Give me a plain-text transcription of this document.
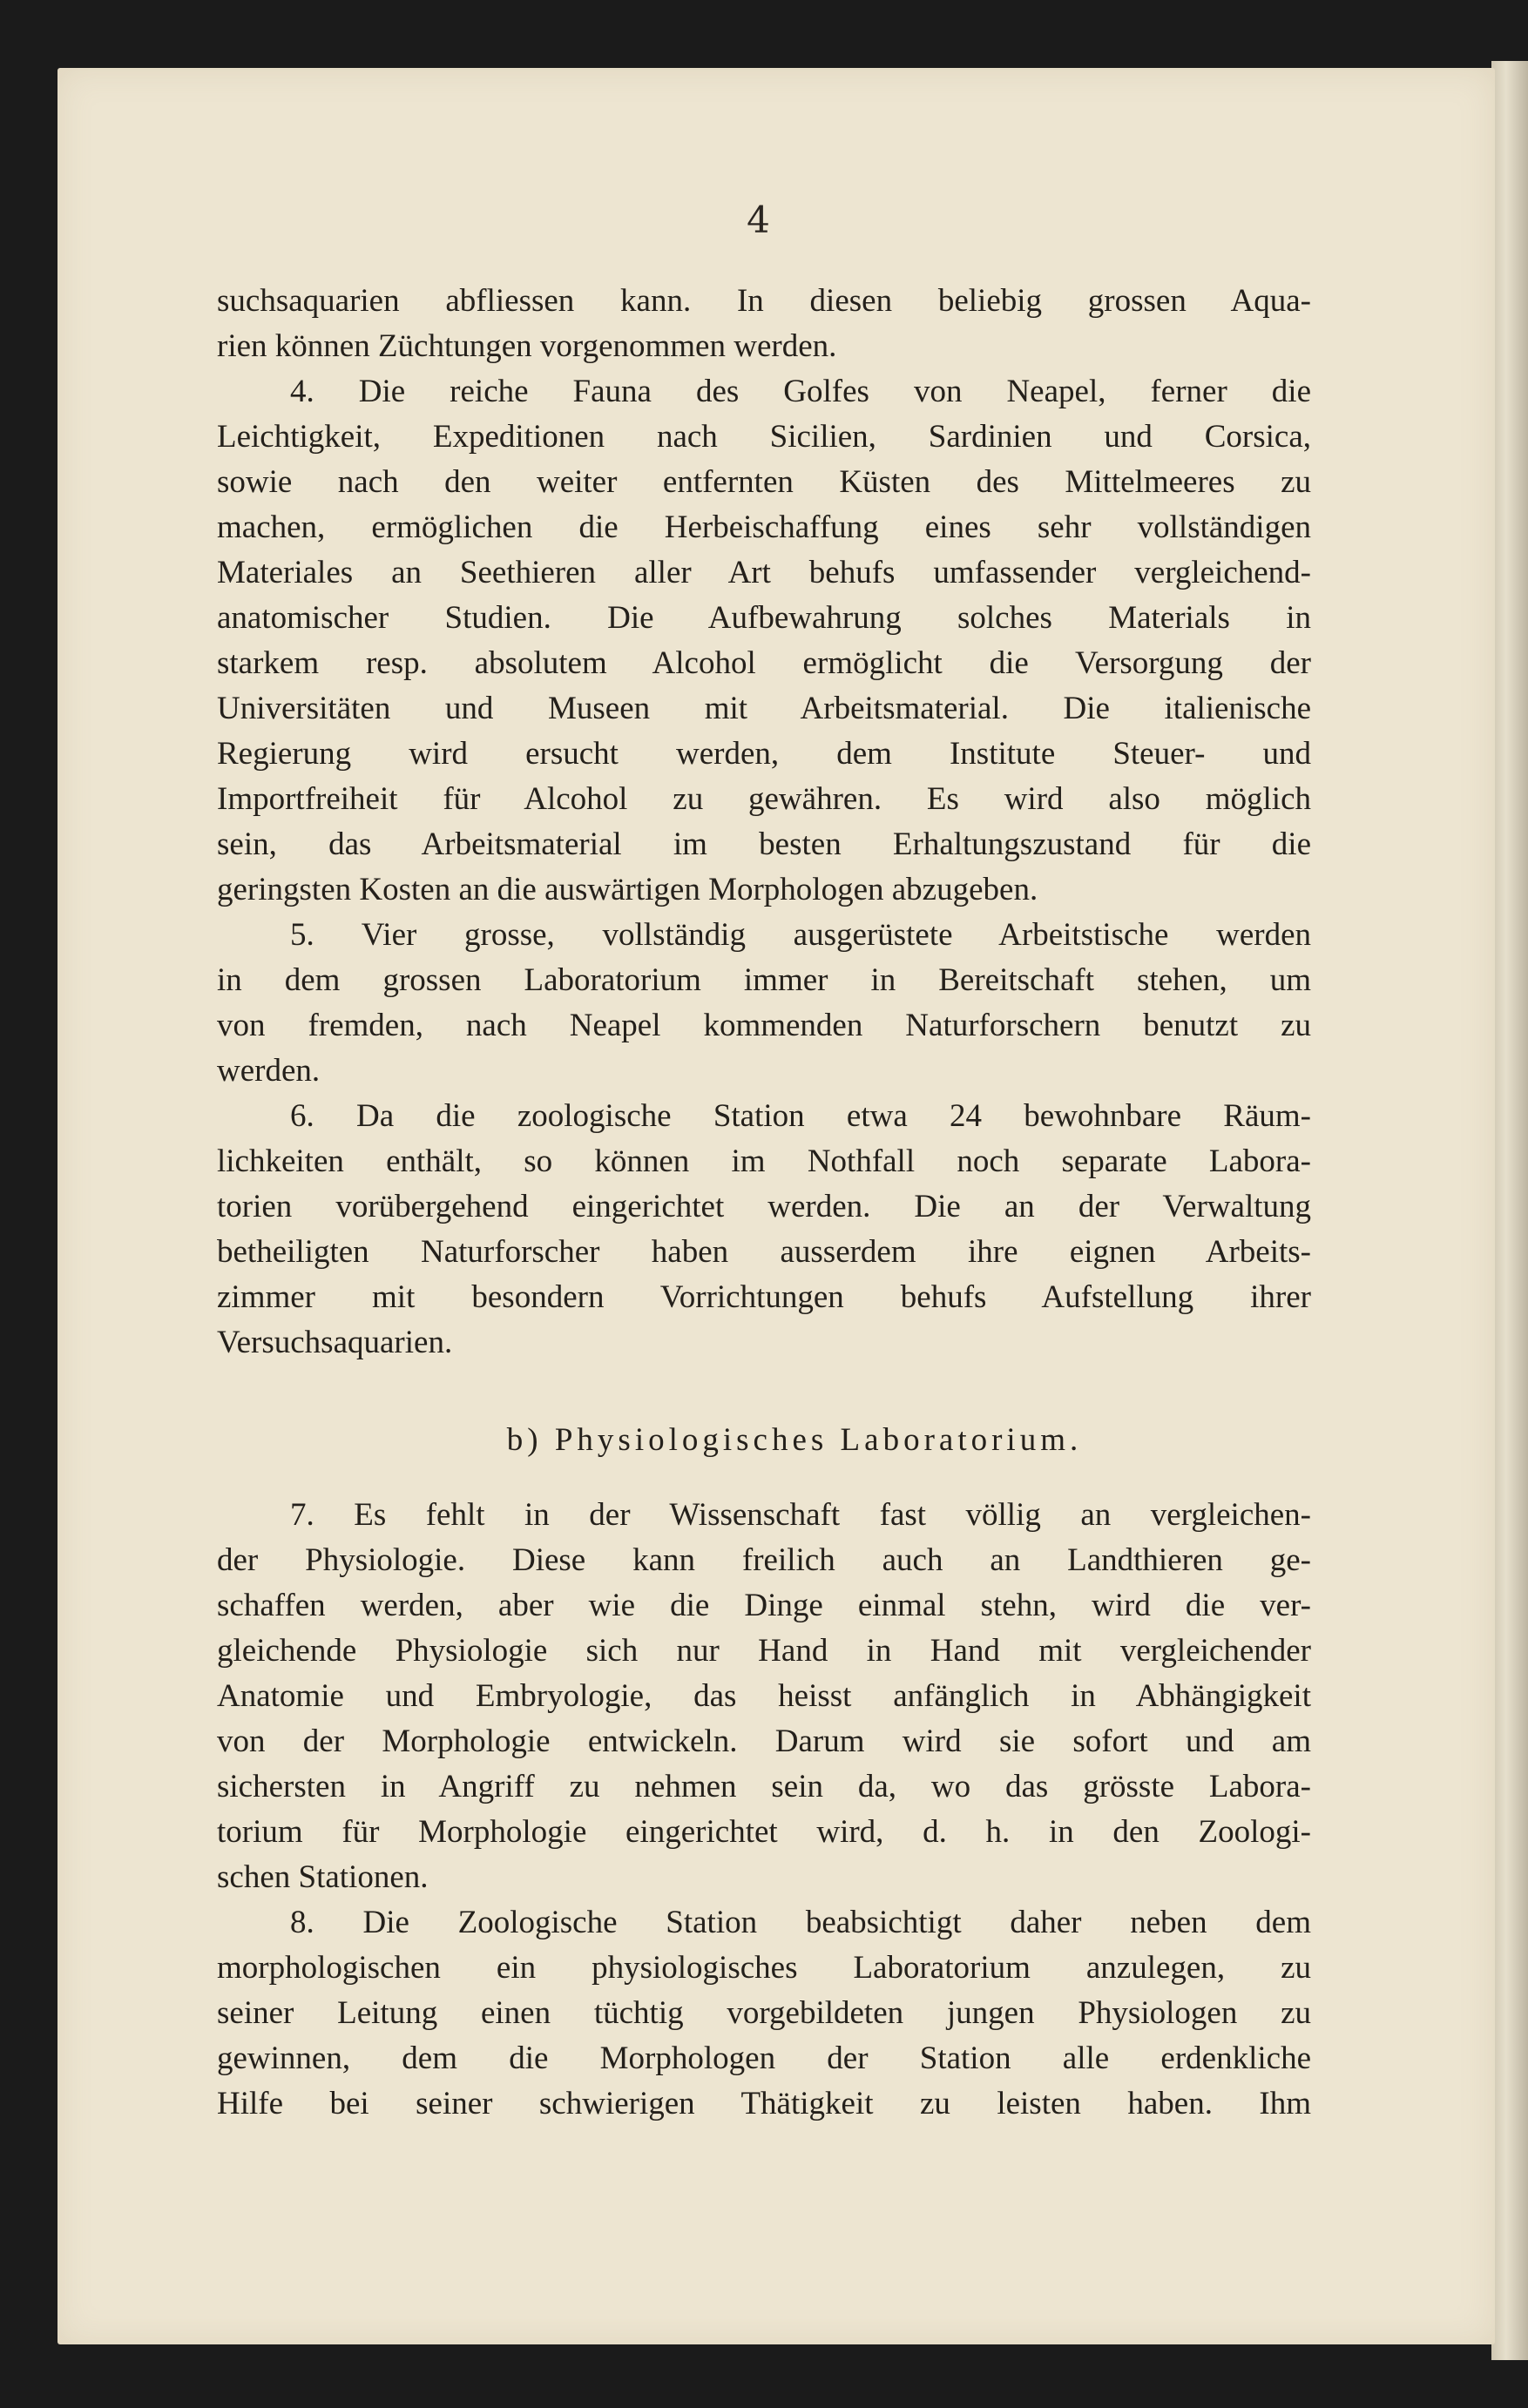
4
suchsaquarien abfliessen kann. In diesen beliebig grossen Aqua-
rien können Züchtungen vorgenommen werden.
4. Die reiche Fauna des Golfes von Neapel, ferner die
Leichtigkeit, Expeditionen nach Sicilien, Sardinien und Corsica,
sowie nach den weiter entfernten Küsten des Mittelmeeres zu
machen, ermöglichen die Herbeischaffung eines sehr vollständigen
Materiales an Seethieren aller Art behufs umfassender vergleichend-
anatomischer Studien. Die Aufbewahrung solches Materials in
starkem resp. absolutem Alcohol ermöglicht die Versorgung der
Universitäten und Museen mit Arbeitsmaterial. Die italienische
Regierung wird ersucht werden, dem Institute Steuer- und
Importfreiheit für Alcohol zu gewähren. Es wird also möglich
sein, das Arbeitsmaterial im besten Erhaltungszustand für die
geringsten Kosten an die auswärtigen Morphologen abzugeben.
5. Vier grosse, vollständig ausgerüstete Arbeitstische werden
in dem grossen Laboratorium immer in Bereitschaft stehen, um
von fremden, nach Neapel kommenden Naturforschern benutzt zu
werden.
6. Da die zoologische Station etwa 24 bewohnbare Räum-
lichkeiten enthält, so können im Nothfall noch separate Labora-
torien vorübergehend eingerichtet werden. Die an der Verwaltung
betheiligten Naturforscher haben ausserdem ihre eignen Arbeits-
zimmer mit besondern Vorrichtungen behufs Aufstellung ihrer
Versuchsaquarien.
b) Physiologisches Laboratorium.
7. Es fehlt in der Wissenschaft fast völlig an vergleichen-
der Physiologie. Diese kann freilich auch an Landthieren ge-
schaffen werden, aber wie die Dinge einmal stehn, wird die ver-
gleichende Physiologie sich nur Hand in Hand mit vergleichender
Anatomie und Embryologie, das heisst anfänglich in Abhängigkeit
von der Morphologie entwickeln. Darum wird sie sofort und am
sichersten in Angriff zu nehmen sein da, wo das grösste Labora-
torium für Morphologie eingerichtet wird, d. h. in den Zoologi-
schen Stationen.
8. Die Zoologische Station beabsichtigt daher neben dem
morphologischen ein physiologisches Laboratorium anzulegen, zu
seiner Leitung einen tüchtig vorgebildeten jungen Physiologen zu
gewinnen, dem die Morphologen der Station alle erdenkliche
Hilfe bei seiner schwierigen Thätigkeit zu leisten haben. Ihm
